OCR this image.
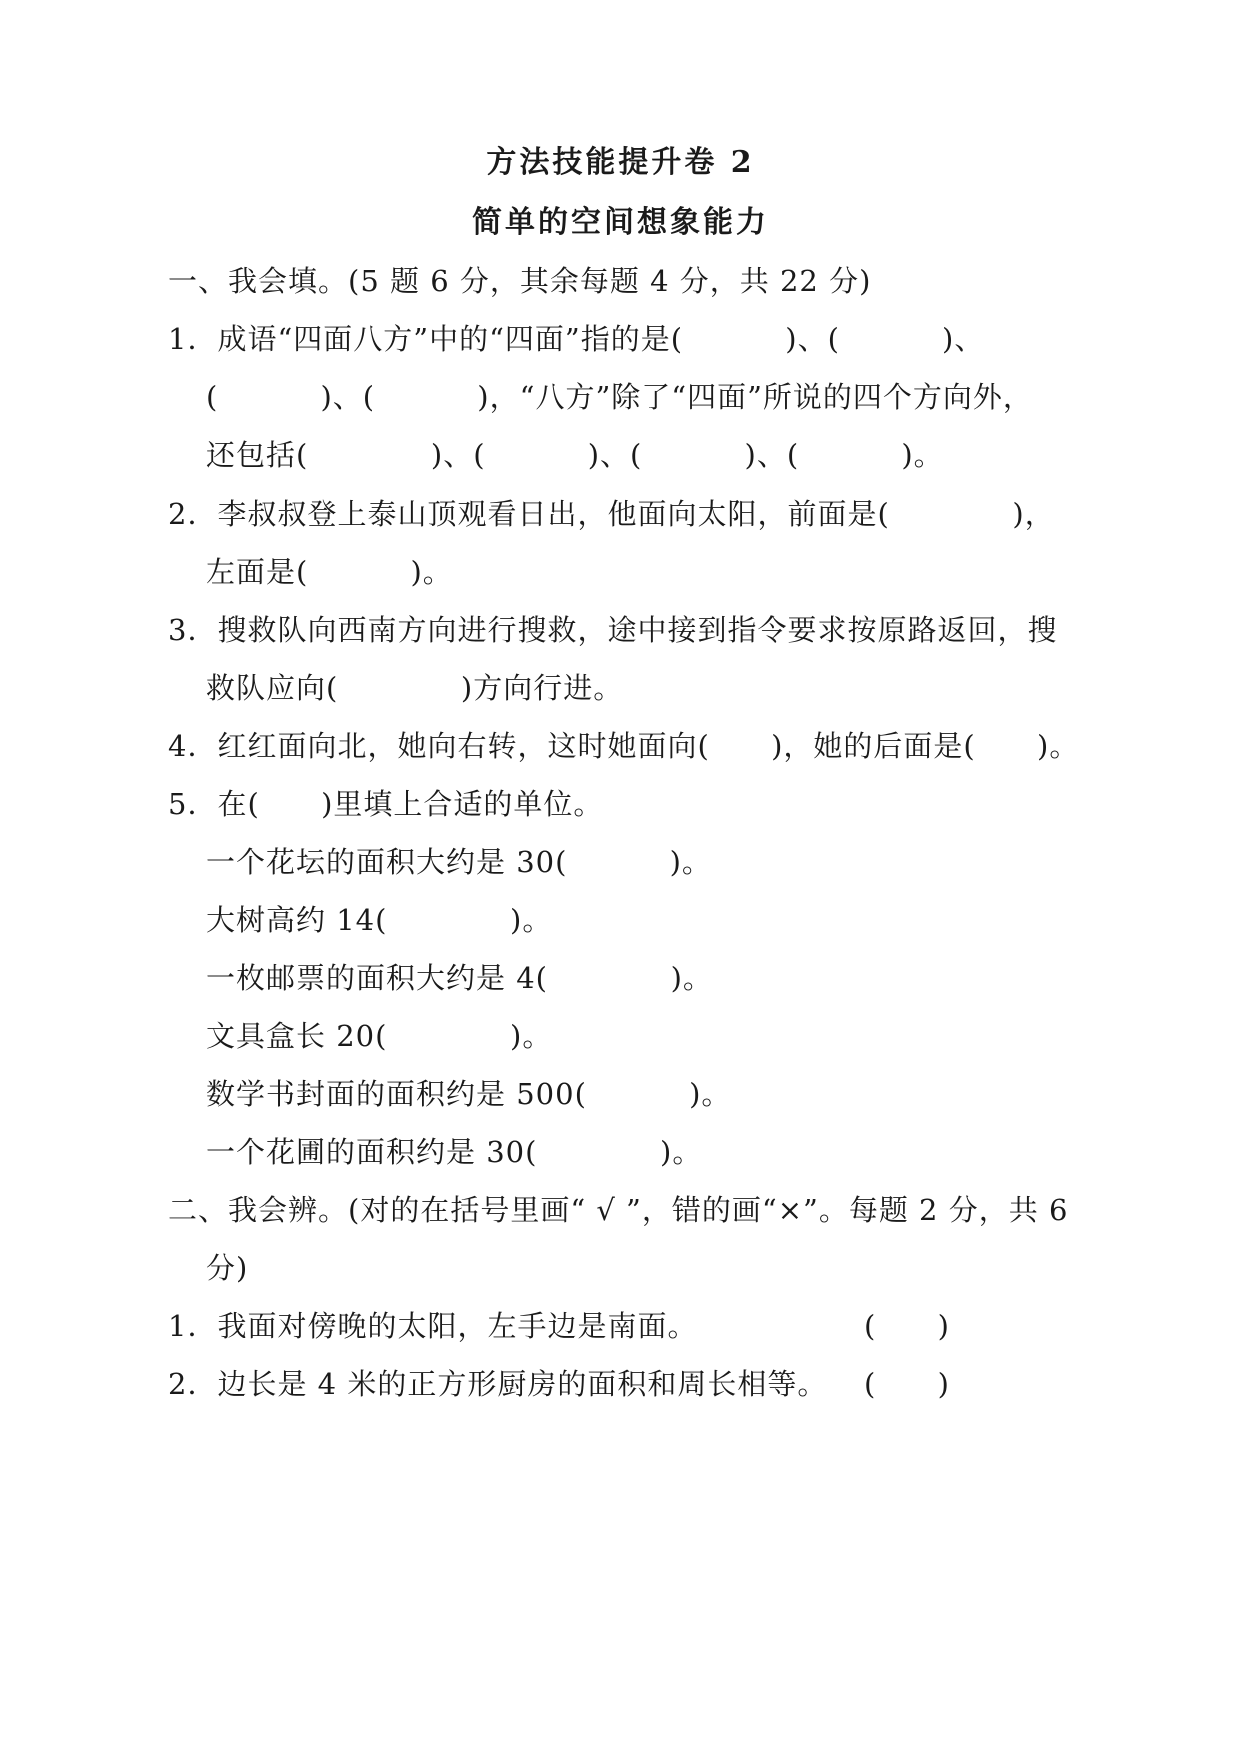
方法技能提升卷 2
简单的空间想象能力
一、我会填。(5 题 6 分，其余每题 4 分，共 22 分)
1．成语“四面八方”中的“四面”指的是(          )、(          )、
(          )、(          )，“八方”除了“四面”所说的四个方向外，
还包括(            )、(          )、(          )、(          )。
2．李叔叔登上泰山顶观看日出，他面向太阳，前面是(            )，
左面是(          )。
3．搜救队向西南方向进行搜救，途中接到指令要求按原路返回，搜
救队应向(            )方向行进。
4．红红面向北，她向右转，这时她面向(      )，她的后面是(      )。
5．在(      )里填上合适的单位。
一个花坛的面积大约是 30(          )。
大树高约 14(            )。
一枚邮票的面积大约是 4(            )。
文具盒长 20(            )。
数学书封面的面积约是 500(          )。
一个花圃的面积约是 30(            )。
二、我会辨。(对的在括号里画“ √ ”，错的画“×”。每题 2 分，共 6
分)
1．我面对傍晚的太阳，左手边是南面。	(      )
2．边长是 4 米的正方形厨房的面积和周长相等。 (      )
